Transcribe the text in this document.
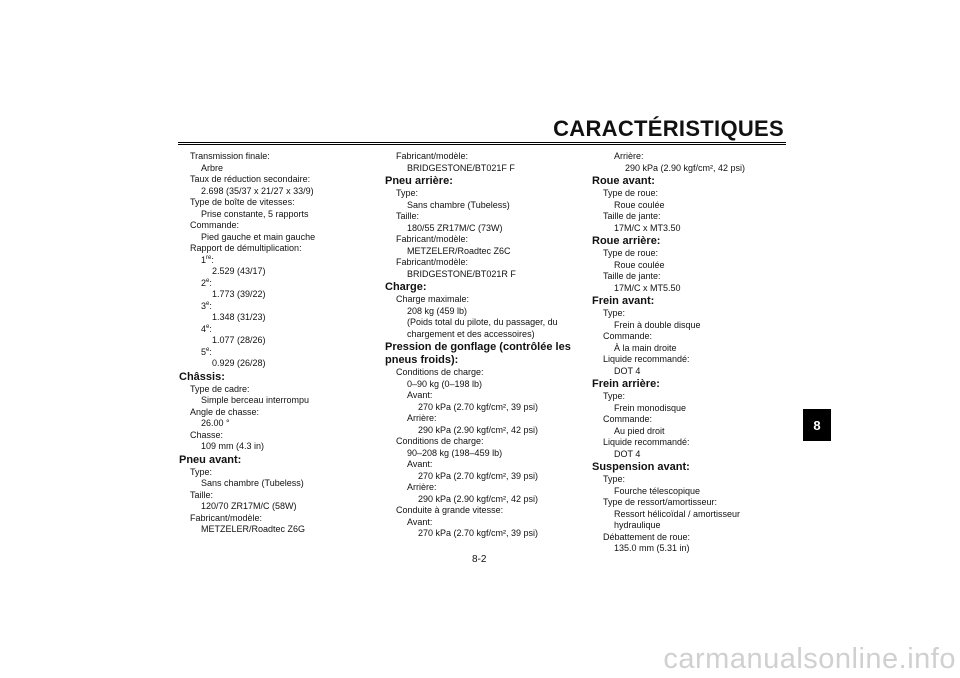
CARACTÉRISTIQUES
Transmission finale:
Arbre
Taux de réduction secondaire:
2.698 (35/37 x 21/27 x 33/9)
Type de boîte de vitesses:
Prise constante, 5 rapports
Commande:
Pied gauche et main gauche
Rapport de démultiplication:
1re:
2.529 (43/17)
2e:
1.773 (39/22)
3e:
1.348 (31/23)
4e:
1.077 (28/26)
5e:
0.929 (26/28)
Châssis:
Type de cadre:
Simple berceau interrompu
Angle de chasse:
26.00 °
Chasse:
109 mm (4.3 in)
Pneu avant:
Type:
Sans chambre (Tubeless)
Taille:
120/70 ZR17M/C (58W)
Fabricant/modèle:
METZELER/Roadtec Z6G
Fabricant/modèle:
BRIDGESTONE/BT021F F
Pneu arrière:
Type:
Sans chambre (Tubeless)
Taille:
180/55 ZR17M/C (73W)
Fabricant/modèle:
METZELER/Roadtec Z6C
Fabricant/modèle:
BRIDGESTONE/BT021R F
Charge:
Charge maximale:
208 kg (459 lb)
(Poids total du pilote, du passager, du
chargement et des accessoires)
Pression de gonflage (contrôlée les pneus froids):
Conditions de charge:
0–90 kg (0–198 lb)
Avant:
270 kPa (2.70 kgf/cm², 39 psi)
Arrière:
290 kPa (2.90 kgf/cm², 42 psi)
Conditions de charge:
90–208 kg (198–459 lb)
Avant:
270 kPa (2.70 kgf/cm², 39 psi)
Arrière:
290 kPa (2.90 kgf/cm², 42 psi)
Conduite à grande vitesse:
Avant:
270 kPa (2.70 kgf/cm², 39 psi)
Arrière:
290 kPa (2.90 kgf/cm², 42 psi)
Roue avant:
Type de roue:
Roue coulée
Taille de jante:
17M/C x MT3.50
Roue arrière:
Type de roue:
Roue coulée
Taille de jante:
17M/C x MT5.50
Frein avant:
Type:
Frein à double disque
Commande:
À la main droite
Liquide recommandé:
DOT 4
Frein arrière:
Type:
Frein monodisque
Commande:
Au pied droit
Liquide recommandé:
DOT 4
Suspension avant:
Type:
Fourche télescopique
Type de ressort/amortisseur:
Ressort hélicoïdal / amortisseur
hydraulique
Débattement de roue:
135.0 mm (5.31 in)
8
8-2
carmanualsonline.info
